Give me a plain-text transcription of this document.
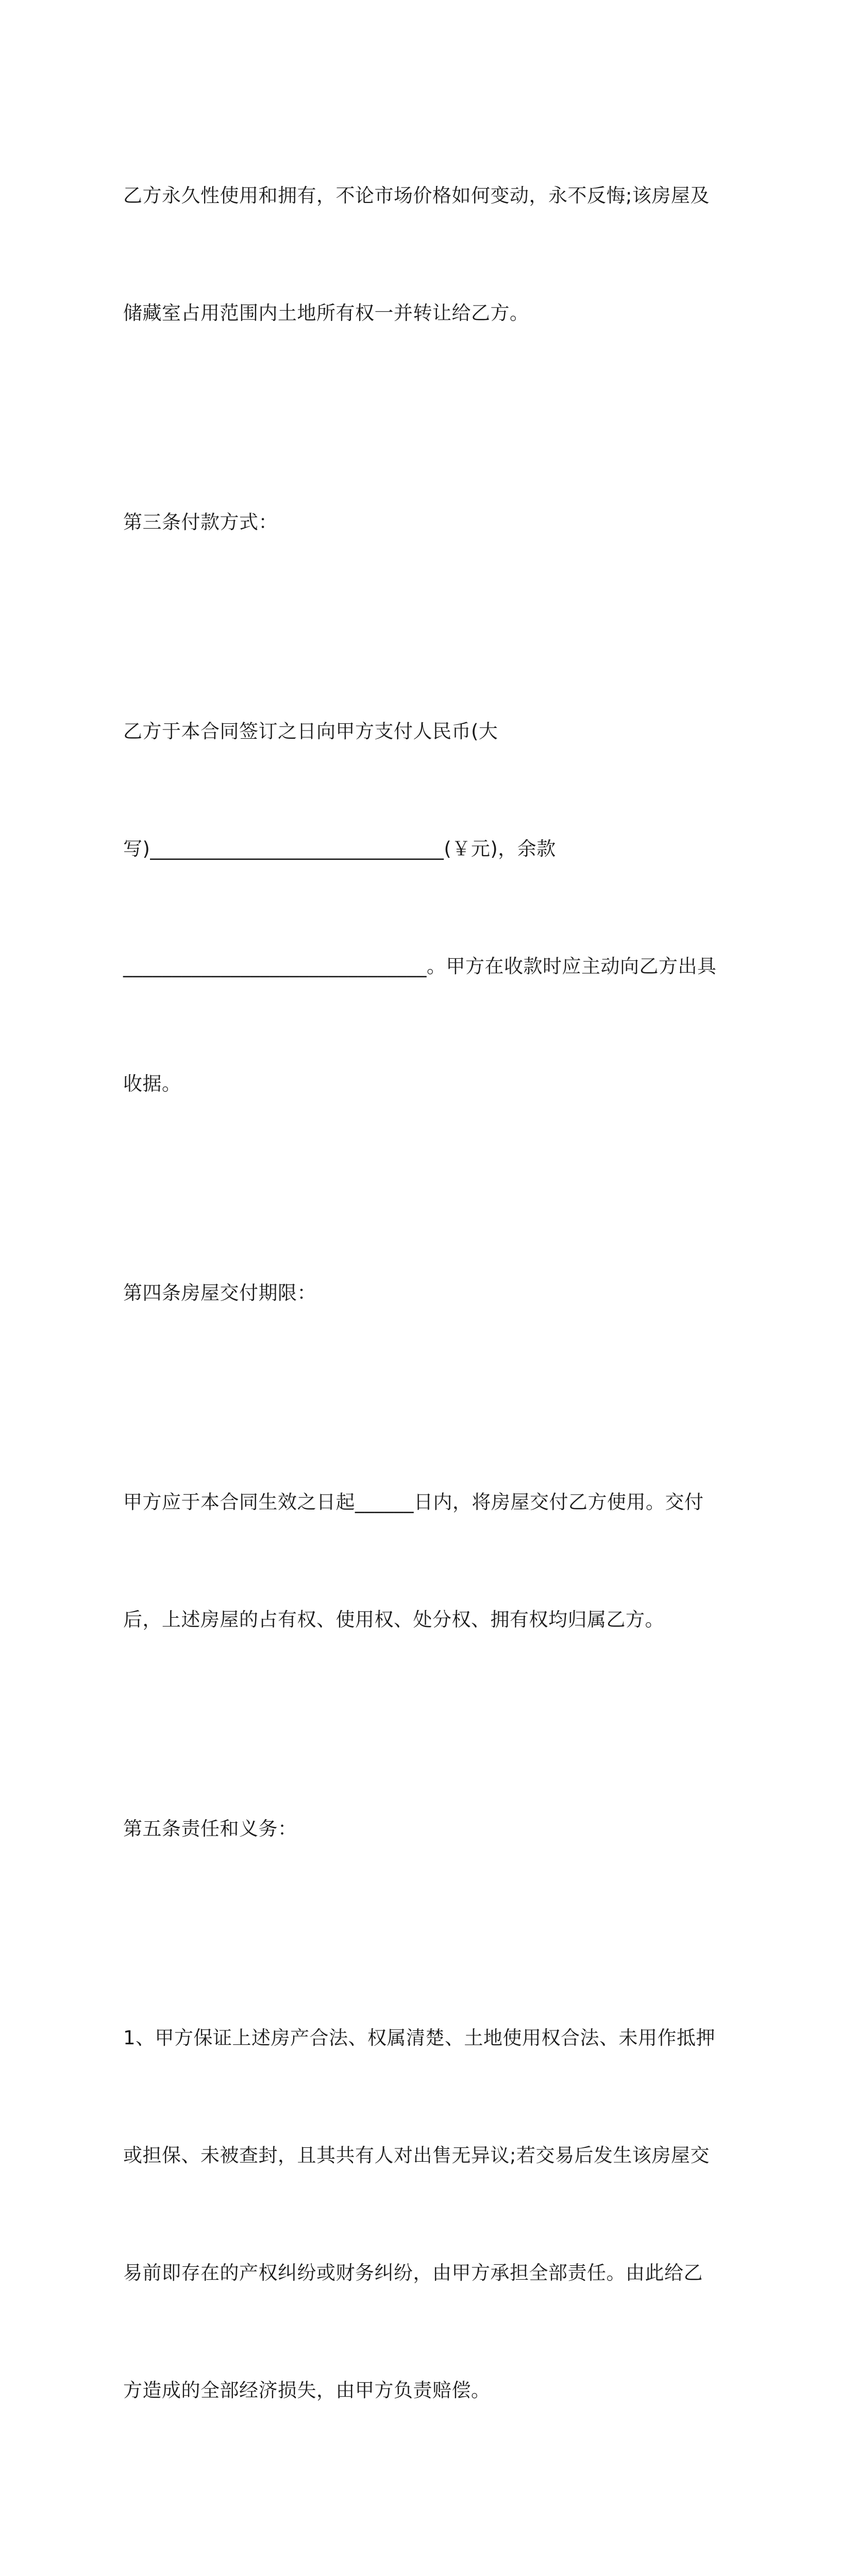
乙方永久性使用和拥有，不论市场价格如何变动，永不反悔;该房屋及

储藏室占用范围内土地所有权一并转让给乙方。

第三条付款方式：

乙方于本合同签订之日向甲方支付人民币(大

写)______________________________(￥元)，余款

_______________________________。甲方在收款时应主动向乙方出具

收据。

第四条房屋交付期限：

甲方应于本合同生效之日起______日内，将房屋交付乙方使用。交付

后，上述房屋的占有权、使用权、处分权、拥有权均归属乙方。

第五条责任和义务：

1、甲方保证上述房产合法、权属清楚、土地使用权合法、未用作抵押

或担保、未被查封，且其共有人对出售无异议;若交易后发生该房屋交

易前即存在的产权纠纷或财务纠纷，由甲方承担全部责任。由此给乙

方造成的全部经济损失，由甲方负责赔偿。
